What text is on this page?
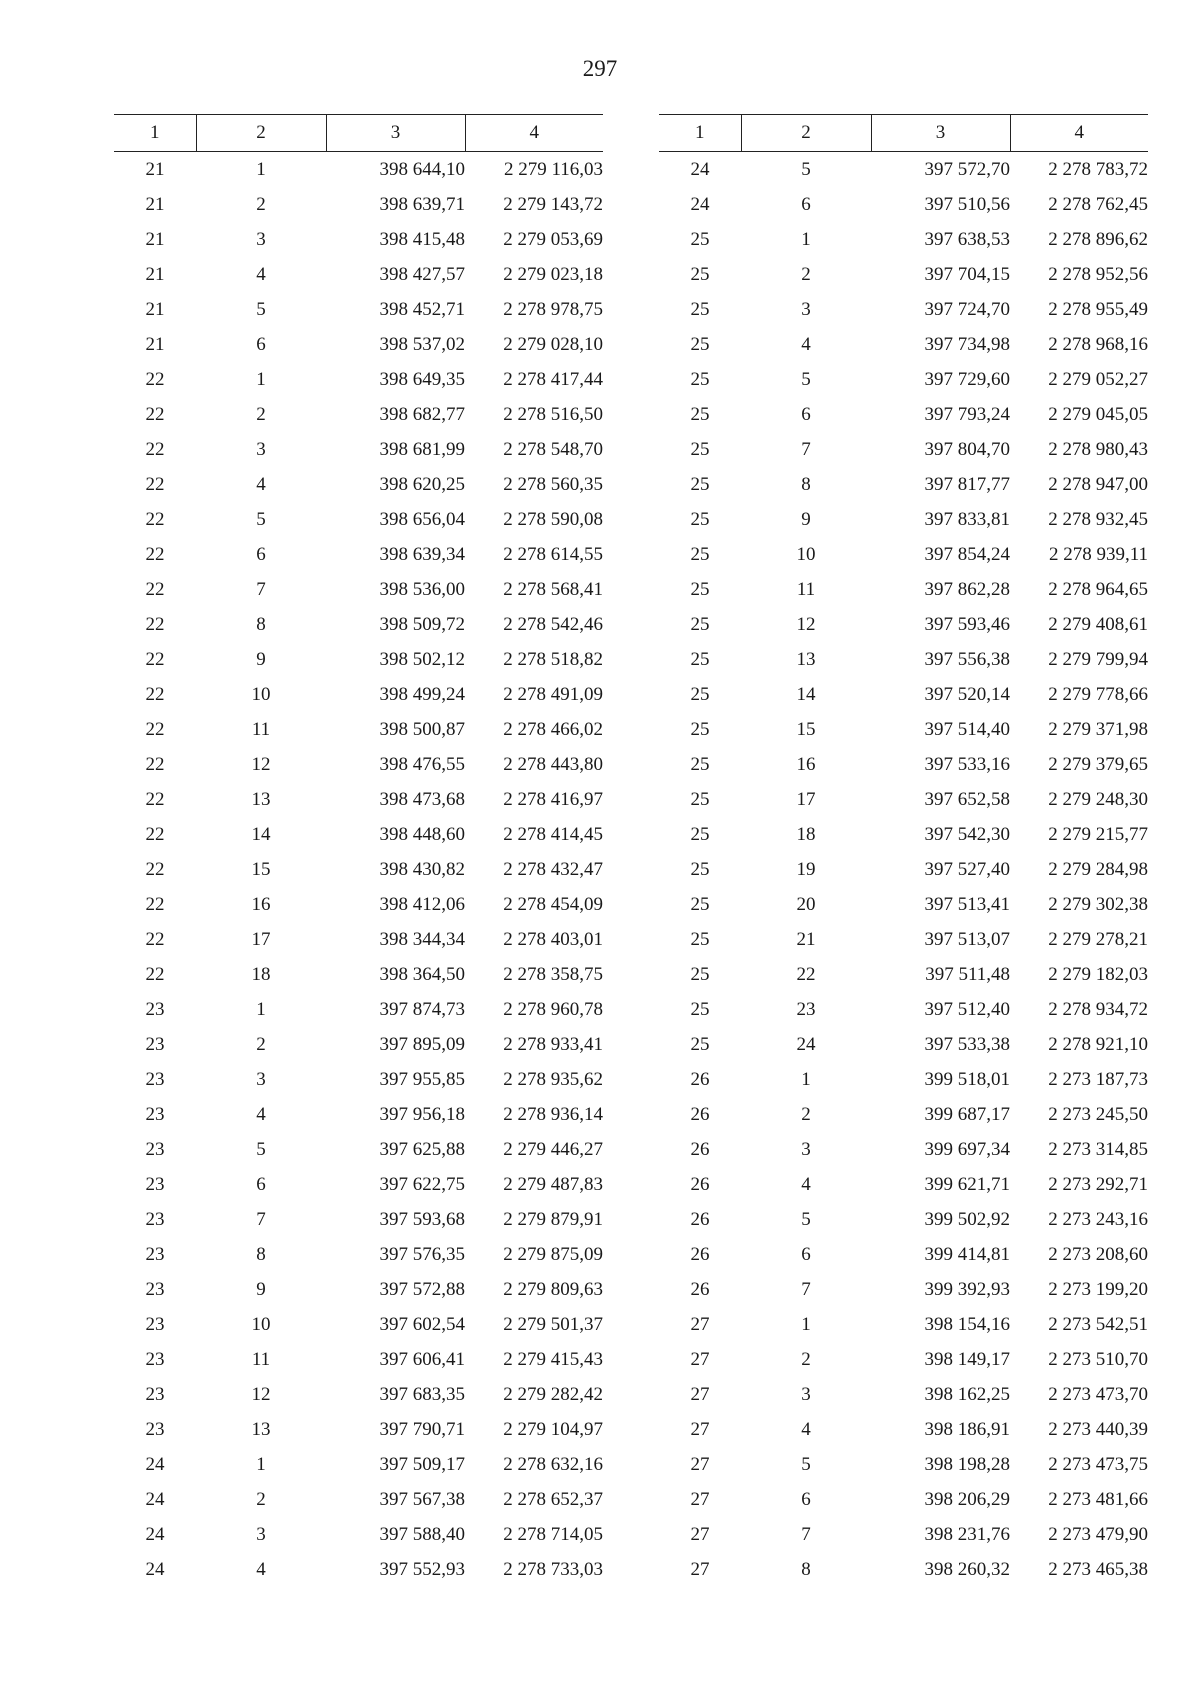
297
1	2	3	4
21	1	398 644,10	2 279 116,03
21	2	398 639,71	2 279 143,72
21	3	398 415,48	2 279 053,69
21	4	398 427,57	2 279 023,18
21	5	398 452,71	2 278 978,75
21	6	398 537,02	2 279 028,10
22	1	398 649,35	2 278 417,44
22	2	398 682,77	2 278 516,50
22	3	398 681,99	2 278 548,70
22	4	398 620,25	2 278 560,35
22	5	398 656,04	2 278 590,08
22	6	398 639,34	2 278 614,55
22	7	398 536,00	2 278 568,41
22	8	398 509,72	2 278 542,46
22	9	398 502,12	2 278 518,82
22	10	398 499,24	2 278 491,09
22	11	398 500,87	2 278 466,02
22	12	398 476,55	2 278 443,80
22	13	398 473,68	2 278 416,97
22	14	398 448,60	2 278 414,45
22	15	398 430,82	2 278 432,47
22	16	398 412,06	2 278 454,09
22	17	398 344,34	2 278 403,01
22	18	398 364,50	2 278 358,75
23	1	397 874,73	2 278 960,78
23	2	397 895,09	2 278 933,41
23	3	397 955,85	2 278 935,62
23	4	397 956,18	2 278 936,14
23	5	397 625,88	2 279 446,27
23	6	397 622,75	2 279 487,83
23	7	397 593,68	2 279 879,91
23	8	397 576,35	2 279 875,09
23	9	397 572,88	2 279 809,63
23	10	397 602,54	2 279 501,37
23	11	397 606,41	2 279 415,43
23	12	397 683,35	2 279 282,42
23	13	397 790,71	2 279 104,97
24	1	397 509,17	2 278 632,16
24	2	397 567,38	2 278 652,37
24	3	397 588,40	2 278 714,05
24	4	397 552,93	2 278 733,03
1	2	3	4
24	5	397 572,70	2 278 783,72
24	6	397 510,56	2 278 762,45
25	1	397 638,53	2 278 896,62
25	2	397 704,15	2 278 952,56
25	3	397 724,70	2 278 955,49
25	4	397 734,98	2 278 968,16
25	5	397 729,60	2 279 052,27
25	6	397 793,24	2 279 045,05
25	7	397 804,70	2 278 980,43
25	8	397 817,77	2 278 947,00
25	9	397 833,81	2 278 932,45
25	10	397 854,24	2 278 939,11
25	11	397 862,28	2 278 964,65
25	12	397 593,46	2 279 408,61
25	13	397 556,38	2 279 799,94
25	14	397 520,14	2 279 778,66
25	15	397 514,40	2 279 371,98
25	16	397 533,16	2 279 379,65
25	17	397 652,58	2 279 248,30
25	18	397 542,30	2 279 215,77
25	19	397 527,40	2 279 284,98
25	20	397 513,41	2 279 302,38
25	21	397 513,07	2 279 278,21
25	22	397 511,48	2 279 182,03
25	23	397 512,40	2 278 934,72
25	24	397 533,38	2 278 921,10
26	1	399 518,01	2 273 187,73
26	2	399 687,17	2 273 245,50
26	3	399 697,34	2 273 314,85
26	4	399 621,71	2 273 292,71
26	5	399 502,92	2 273 243,16
26	6	399 414,81	2 273 208,60
26	7	399 392,93	2 273 199,20
27	1	398 154,16	2 273 542,51
27	2	398 149,17	2 273 510,70
27	3	398 162,25	2 273 473,70
27	4	398 186,91	2 273 440,39
27	5	398 198,28	2 273 473,75
27	6	398 206,29	2 273 481,66
27	7	398 231,76	2 273 479,90
27	8	398 260,32	2 273 465,38
